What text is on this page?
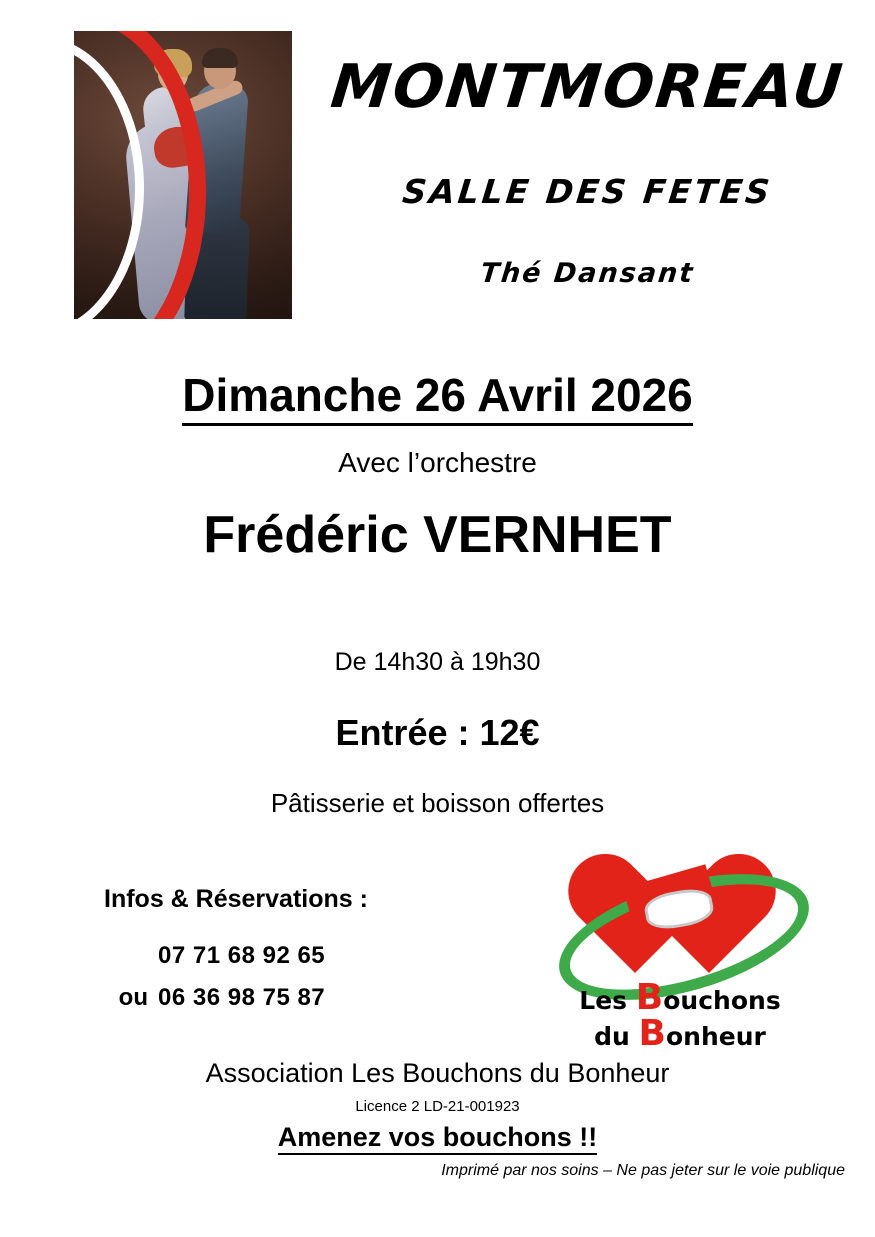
MONTMOREAU
SALLE DES FETES
Thé Dansant
Dimanche 26 Avril 2026
Avec l’orchestre
Frédéric VERNHET
De 14h30 à 19h30
Entrée : 12€
Pâtisserie et boisson offertes
Infos & Réservations :
07 71 68 92 65
ou 06 36 98 75 87	Les Bouchons
du Bonheur
Association Les Bouchons du Bonheur
Licence 2 LD-21-001923
Amenez vos bouchons !!
Imprimé par nos soins – Ne pas jeter sur le voie publique
